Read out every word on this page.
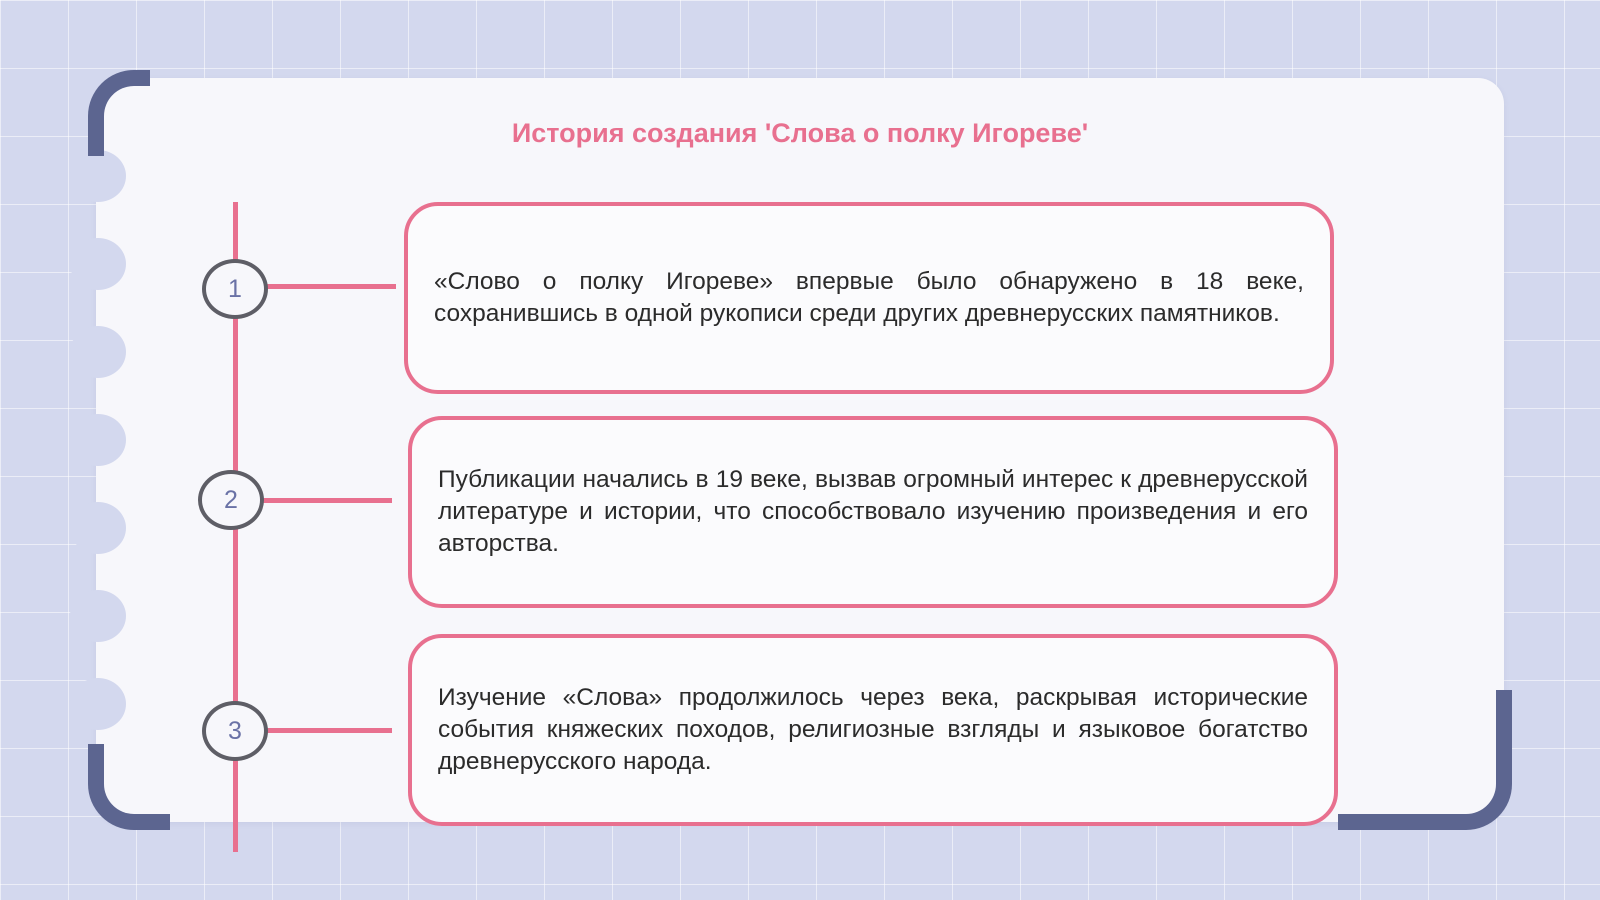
История создания 'Слова о полку Игореве'
1	«Слово о полку Игореве» впервые было обнаружено в 18 веке, сохранившись в одной рукописи среди других древнерусских памятников.

2

Публикации начались в 19 веке, вызвав огромный интерес к древнерусской литературе и истории, что способствовало изучению произведения и его авторства.

3

Изучение «Слова» продолжилось через века, раскрывая исторические события княжеских походов, религиозные взгляды и языковое богатство древнерусского народа.
